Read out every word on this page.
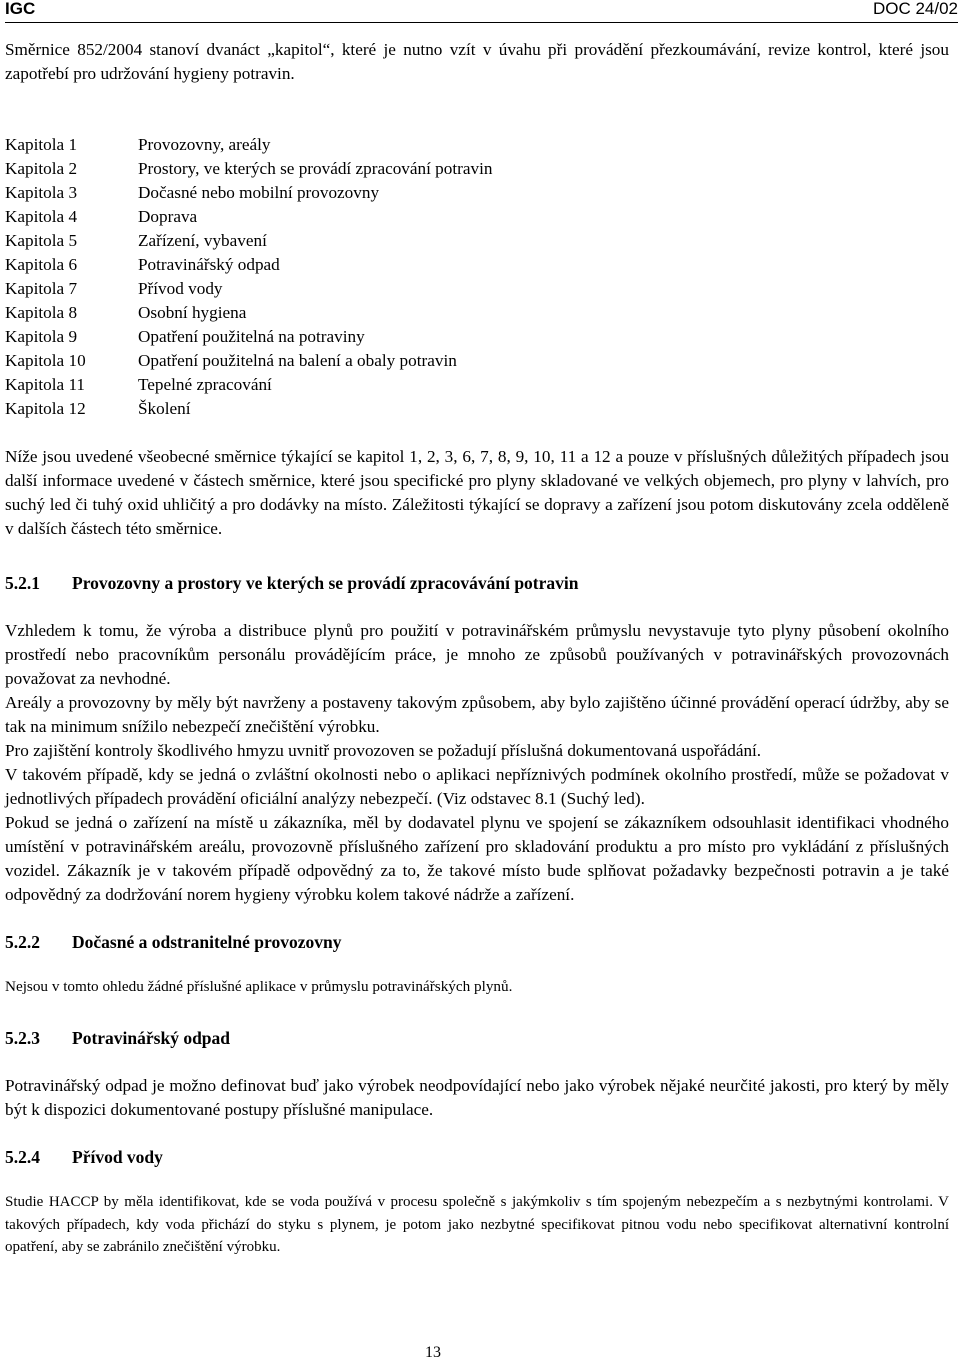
IGC	DOC 24/02

Směrnice 852/2004 stanoví dvanáct „kapitol“, které je nutno vzít v úvahu při provádění přezkoumávání, revize kontrol, které jsou zapotřebí pro udržování hygieny potravin.

Kapitola 1	Provozovny, areály
Kapitola 2	Prostory, ve kterých se provádí zpracování potravin
Kapitola 3	Dočasné nebo mobilní provozovny
Kapitola 4	Doprava
Kapitola 5	Zařízení, vybavení
Kapitola 6	Potravinářský odpad
Kapitola 7	Přívod vody
Kapitola 8	Osobní hygiena
Kapitola 9	Opatření použitelná na potraviny
Kapitola 10	Opatření použitelná na balení a obaly potravin
Kapitola 11	Tepelné zpracování
Kapitola 12	Školení

Níže jsou uvedené všeobecné směrnice týkající se kapitol 1, 2, 3, 6, 7, 8, 9, 10, 11 a 12 a pouze v příslušných důležitých případech jsou další informace uvedené v částech směrnice, které jsou specifické pro plyny skladované ve velkých objemech, pro plyny v lahvích, pro suchý led či tuhý oxid uhličitý a pro dodávky na místo. Záležitosti týkající se dopravy a zařízení jsou potom diskutovány zcela odděleně v dalších částech této směrnice.

5.2.1	Provozovny a prostory ve kterých se provádí zpracovávání potravin

Vzhledem k tomu, že výroba a distribuce plynů pro použití v potravinářském průmyslu nevystavuje tyto plyny působení okolního prostředí nebo pracovníkům personálu provádějícím práce, je mnoho ze způsobů používaných v potravinářských provozovnách považovat za nevhodné.

Areály a provozovny by měly být navrženy a postaveny takovým způsobem, aby bylo zajištěno účinné provádění operací údržby, aby se tak na minimum snížilo nebezpečí znečištění výrobku.

Pro zajištění kontroly škodlivého hmyzu uvnitř provozoven se požadují příslušná dokumentovaná uspořádání.

V takovém případě, kdy se jedná o zvláštní okolnosti nebo o aplikaci nepříznivých podmínek okolního prostředí, může se požadovat v jednotlivých případech provádění oficiální analýzy nebezpečí. (Viz odstavec 8.1 (Suchý led).

Pokud se jedná o zařízení na místě u zákazníka, měl by dodavatel plynu ve spojení se zákazníkem odsouhlasit identifikaci vhodného umístění v potravinářském areálu, provozovně příslušného zařízení pro skladování produktu a pro místo pro vykládání z příslušných vozidel. Zákazník je v takovém případě odpovědný za to, že takové místo bude splňovat požadavky bezpečnosti potravin a je také odpovědný za dodržování norem hygieny výrobku kolem takové nádrže a zařízení.

5.2.2	Dočasné a odstranitelné provozovny

Nejsou v tomto ohledu žádné příslušné aplikace v průmyslu potravinářských plynů.

5.2.3	Potravinářský odpad

Potravinářský odpad je možno definovat buď jako výrobek neodpovídající nebo jako výrobek nějaké neurčité jakosti, pro který by měly být k dispozici dokumentované postupy příslušné manipulace.

5.2.4	Přívod vody

Studie HACCP by měla identifikovat, kde se voda používá v procesu společně s jakýmkoliv s tím spojeným nebezpečím a s nezbytnými kontrolami. V takových případech, kdy voda přichází do styku s plynem, je potom jako nezbytné specifikovat pitnou vodu nebo specifikovat alternativní kontrolní opatření, aby se zabránilo znečištění výrobku.

13
